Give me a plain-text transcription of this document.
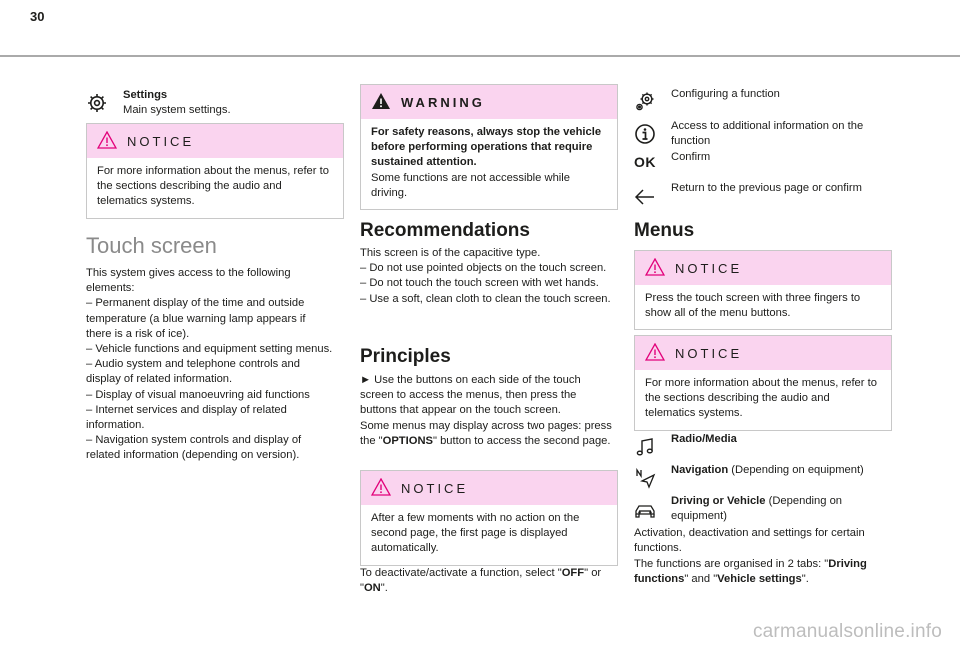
30
Settings
Main system settings.
NOTICE
For more information about the menus, refer to the sections describing the audio and telematics systems.
Touch screen
This system gives access to the following elements:
– Permanent display of the time and outside temperature (a blue warning lamp appears if there is a risk of ice).
– Vehicle functions and equipment setting menus.
– Audio system and telephone controls and display of related information.
– Display of visual manoeuvring aid functions
– Internet services and display of related information.
– Navigation system controls and display of related information (depending on version).
WARNING
For safety reasons, always stop the vehicle before performing operations that require sustained attention.
Some functions are not accessible while driving.
Recommendations
This screen is of the capacitive type.
– Do not use pointed objects on the touch screen.
– Do not touch the touch screen with wet hands.
– Use a soft, clean cloth to clean the touch screen.
Principles
► Use the buttons on each side of the touch screen to access the menus, then press the buttons that appear on the touch screen.
Some menus may display across two pages: press the "OPTIONS" button to access the second page.
NOTICE
After a few moments with no action on the second page, the first page is displayed automatically.
To deactivate/activate a function, select "OFF" or "ON".
Configuring a function
Access to additional information on the function
OK	Confirm
Return to the previous page or confirm
Menus
NOTICE
Press the touch screen with three fingers to show all of the menu buttons.
NOTICE
For more information about the menus, refer to the sections describing the audio and telematics systems.
Radio/Media
Navigation (Depending on equipment)
Driving or Vehicle (Depending on equipment)
Activation, deactivation and settings for certain functions.
The functions are organised in 2 tabs: "Driving functions" and "Vehicle settings".
carmanualsonline.info
